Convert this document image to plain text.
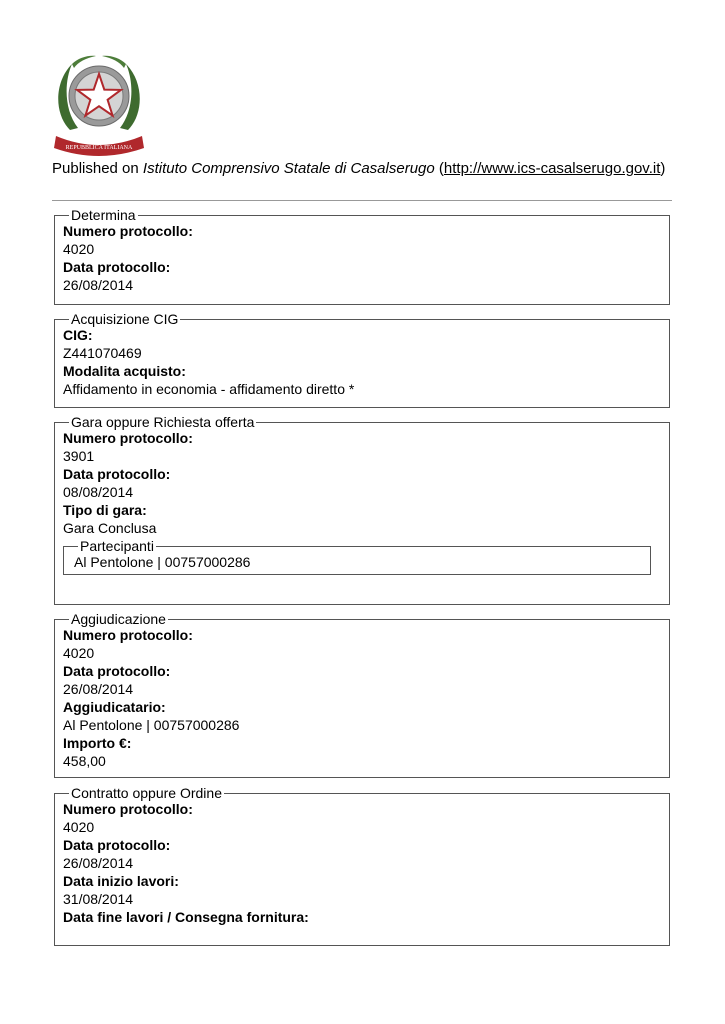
REPUBBLICA ITALIANA
Published on Istituto Comprensivo Statale di Casalserugo (http://www.ics-casalserugo.gov.it)
Determina
Numero protocollo:
4020
Data protocollo:
26/08/2014
Acquisizione CIG
CIG:
Z441070469
Modalita acquisto:
Affidamento in economia - affidamento diretto *
Gara oppure Richiesta offerta
Numero protocollo:
3901
Data protocollo:
08/08/2014
Tipo di gara:
Gara Conclusa
Partecipanti
Al Pentolone | 00757000286
Aggiudicazione
Numero protocollo:
4020
Data protocollo:
26/08/2014
Aggiudicatario:
Al Pentolone | 00757000286
Importo €:
458,00
Contratto oppure Ordine
Numero protocollo:
4020
Data protocollo:
26/08/2014
Data inizio lavori:
31/08/2014
Data fine lavori / Consegna fornitura:
